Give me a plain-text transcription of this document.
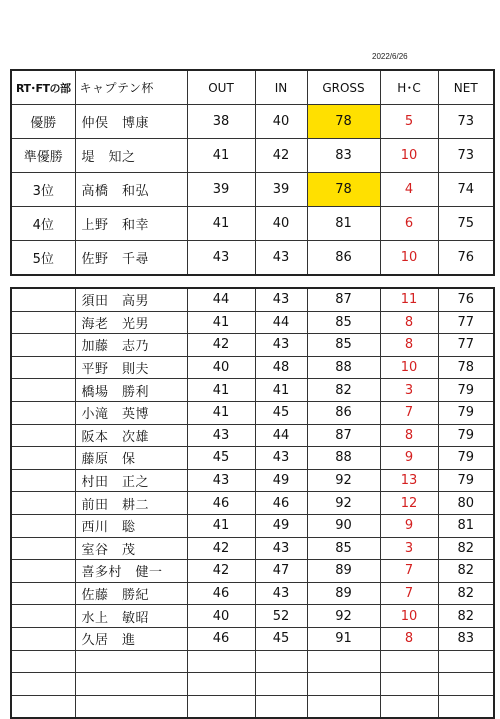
2022/6/26
RT･FTの部	キャプテン杯	OUT	IN	GROSS	H･C	NET
優勝	仲俣　博康	38	40	78	5	73
準優勝	堤　知之	41	42	83	10	73
3位	高橋　和弘	39	39	78	4	74
4位	上野　和幸	41	40	81	6	75
5位	佐野　千尋	43	43	86	10	76
	須田　高男	44	43	87	11	76
	海老　光男	41	44	85	8	77
	加藤　志乃	42	43	85	8	77
	平野　則夫	40	48	88	10	78
	橋場　勝利	41	41	82	3	79
	小滝　英博	41	45	86	7	79
	阪本　次雄	43	44	87	8	79
	藤原　保	45	43	88	9	79
	村田　正之	43	49	92	13	79
	前田　耕二	46	46	92	12	80
	西川　聡	41	49	90	9	81
	室谷　茂	42	43	85	3	82
	喜多村　健一	42	47	89	7	82
	佐藤　勝紀	46	43	89	7	82
	水上　敏昭	40	52	92	10	82
	久居　進	46	45	91	8	83
